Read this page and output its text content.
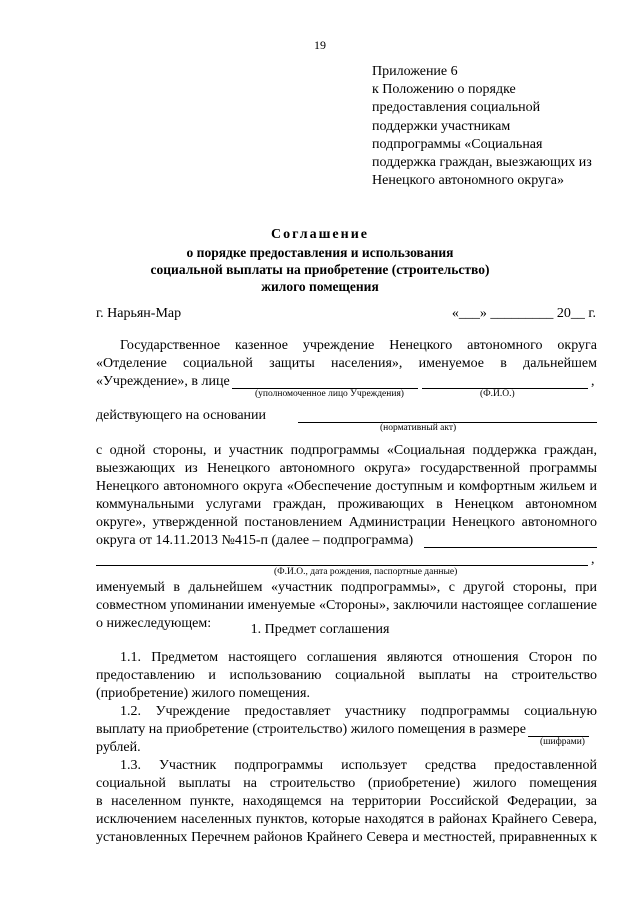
19
Приложение 6
к Положению о порядке
предоставления социальной
поддержки участникам
подпрограммы «Социальная
поддержка граждан, выезжающих из
Ненецкого автономного округа»
Соглашение
о порядке предоставления и использования
социальной выплаты на приобретение (строительство)
жилого помещения
г. Нарьян-Мар	«___» _________ 20__ г.
Государственное казенное учреждение Ненецкого автономного округа
«Отделение социальной защиты населения», именуемое в дальнейшем
«Учреждение», в лице	,
(уполномоченное лицо Учреждения)	(Ф.И.О.)
действующего на основании
(нормативный акт)
с одной стороны, и участник подпрограммы «Социальная поддержка граждан,
выезжающих из Ненецкого автономного округа» государственной программы
Ненецкого автономного округа «Обеспечение доступным и комфортным жильем и
коммунальными услугами граждан, проживающих в Ненецком автономном
округе», утвержденной постановлением Администрации Ненецкого автономного
округа от 14.11.2013 №415-п (далее – подпрограмма)
,
(Ф.И.О., дата рождения, паспортные данные)
именуемый в дальнейшем «участник подпрограммы», с другой стороны, при
совместном упоминании именуемые «Стороны», заключили настоящее соглашение
о нижеследующем:	1. Предмет соглашения
1.1. Предметом настоящего соглашения являются отношения Сторон по
предоставлению и использованию социальной выплаты на строительство
(приобретение) жилого помещения.
1.2. Учреждение предоставляет участнику подпрограммы социальную
выплату на приобретение (строительство) жилого помещения в размере
(шифрами)
рублей.
1.3. Участник подпрограммы использует средства предоставленной
социальной выплаты на строительство (приобретение) жилого помещения
в населенном пункте, находящемся на территории Российской Федерации, за
исключением населенных пунктов, которые находятся в районах Крайнего Севера,
установленных Перечнем районов Крайнего Севера и местностей, приравненных к
